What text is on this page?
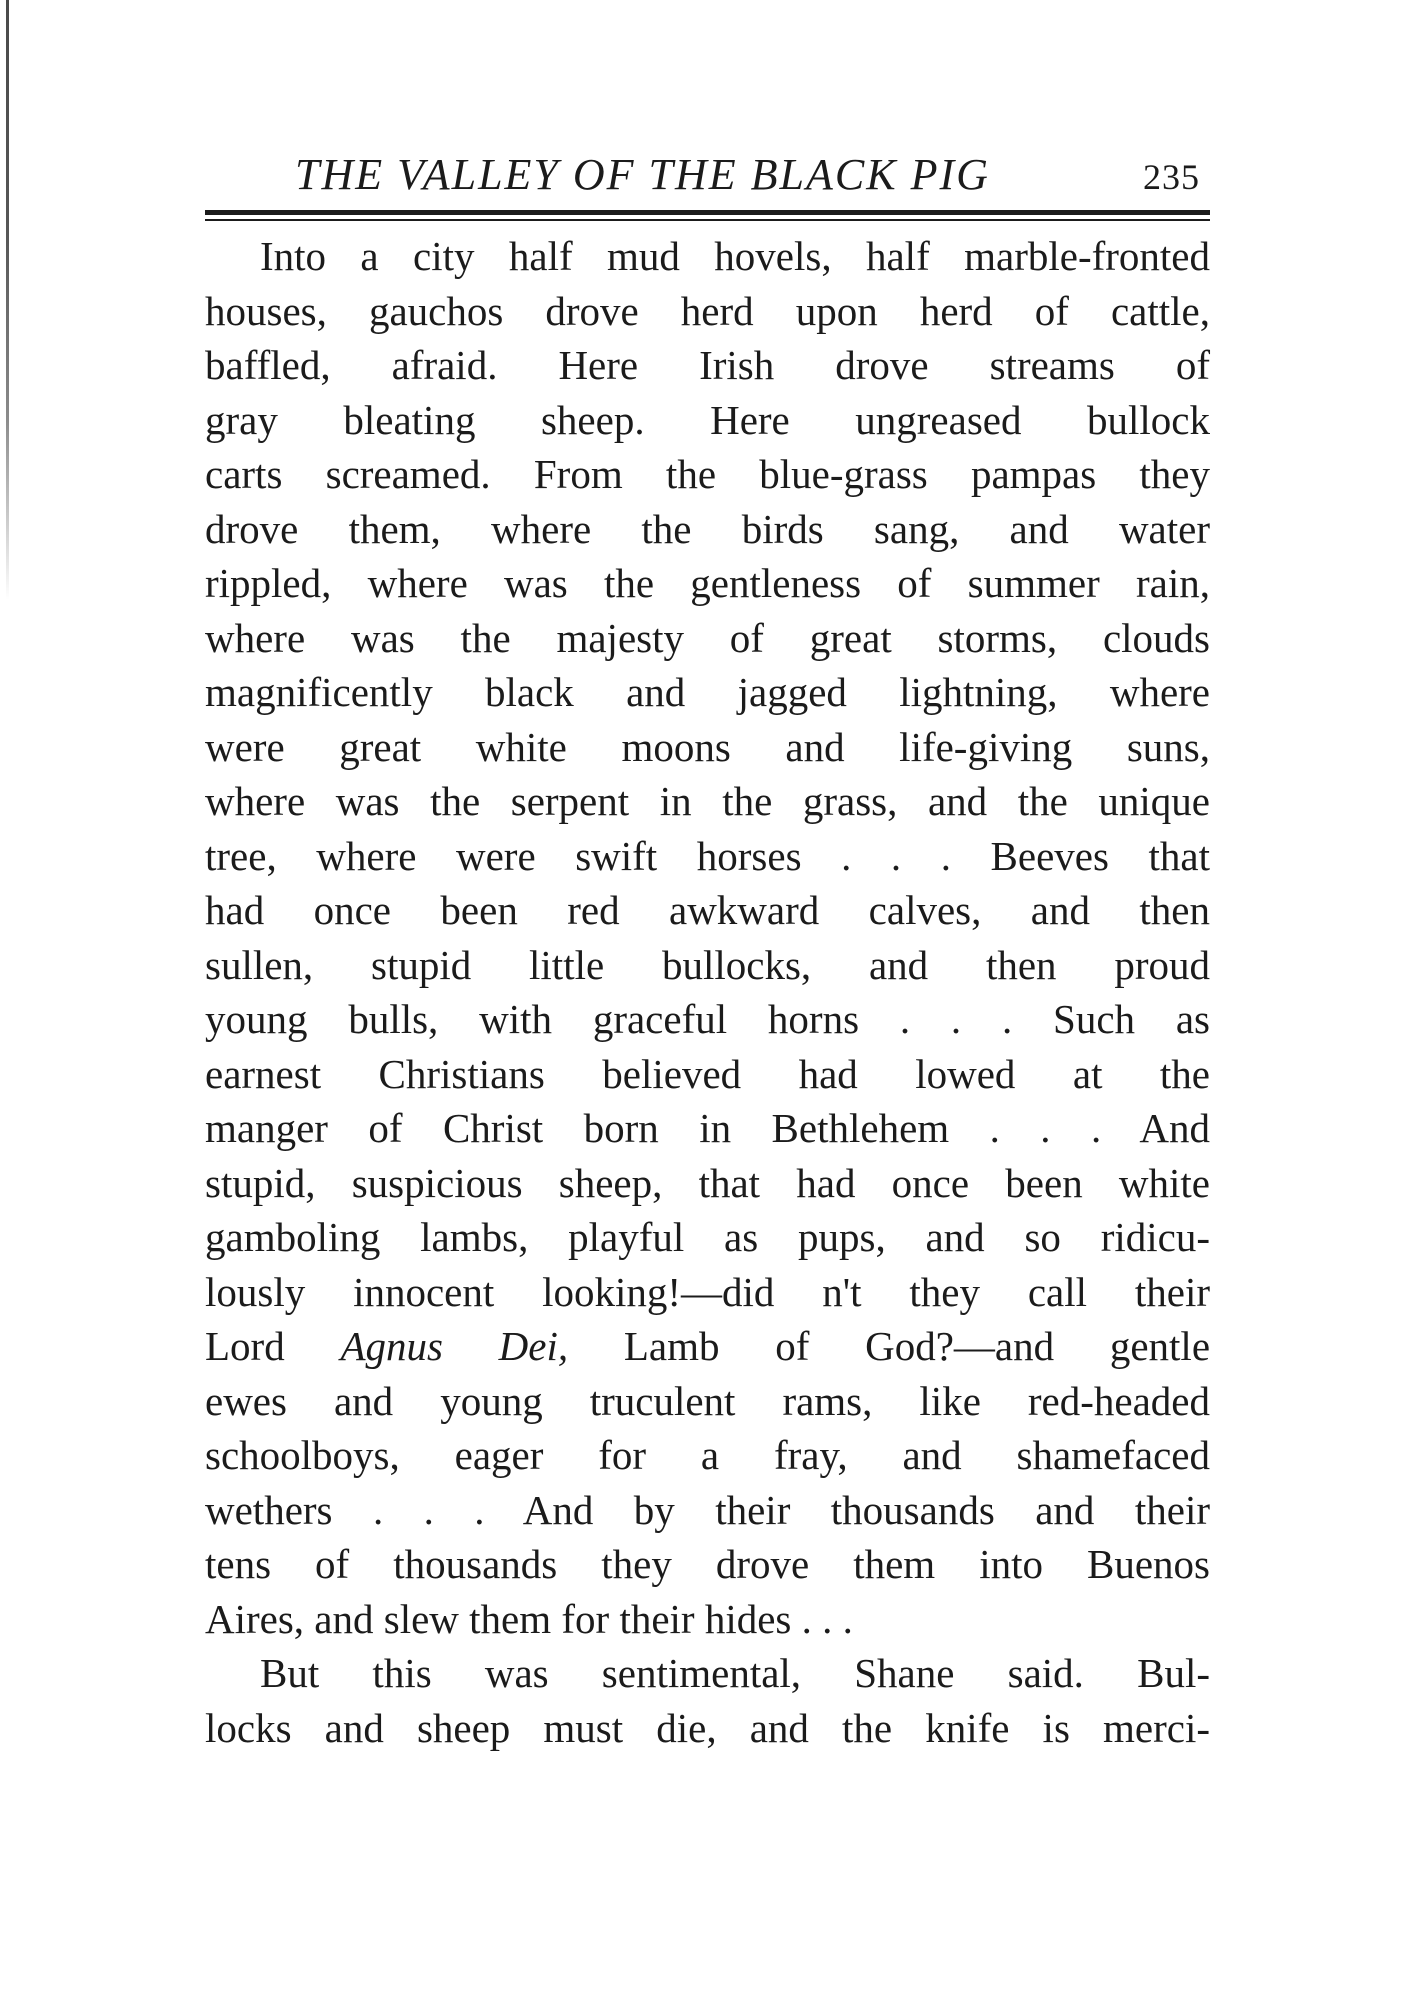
THE VALLEY OF THE BLACK PIG	235

Into a city half mud hovels, half marble-fronted
houses, gauchos drove herd upon herd of cattle,
baffled, afraid. Here Irish drove streams of
gray bleating sheep. Here ungreased bullock
carts screamed. From the blue-grass pampas they
drove them, where the birds sang, and water
rippled, where was the gentleness of summer rain,
where was the majesty of great storms, clouds
magnificently black and jagged lightning, where
were great white moons and life-giving suns,
where was the serpent in the grass, and the unique
tree, where were swift horses . . . Beeves that
had once been red awkward calves, and then
sullen, stupid little bullocks, and then proud
young bulls, with graceful horns . . . Such as
earnest Christians believed had lowed at the
manger of Christ born in Bethlehem . . . And
stupid, suspicious sheep, that had once been white
gamboling lambs, playful as pups, and so ridicu-
lously innocent looking!—did n't they call their
Lord Agnus Dei, Lamb of God?—and gentle
ewes and young truculent rams, like red-headed
schoolboys, eager for a fray, and shamefaced
wethers . . . And by their thousands and their
tens of thousands they drove them into Buenos
Aires, and slew them for their hides . . .

But this was sentimental, Shane said. Bul-
locks and sheep must die, and the knife is merci-
